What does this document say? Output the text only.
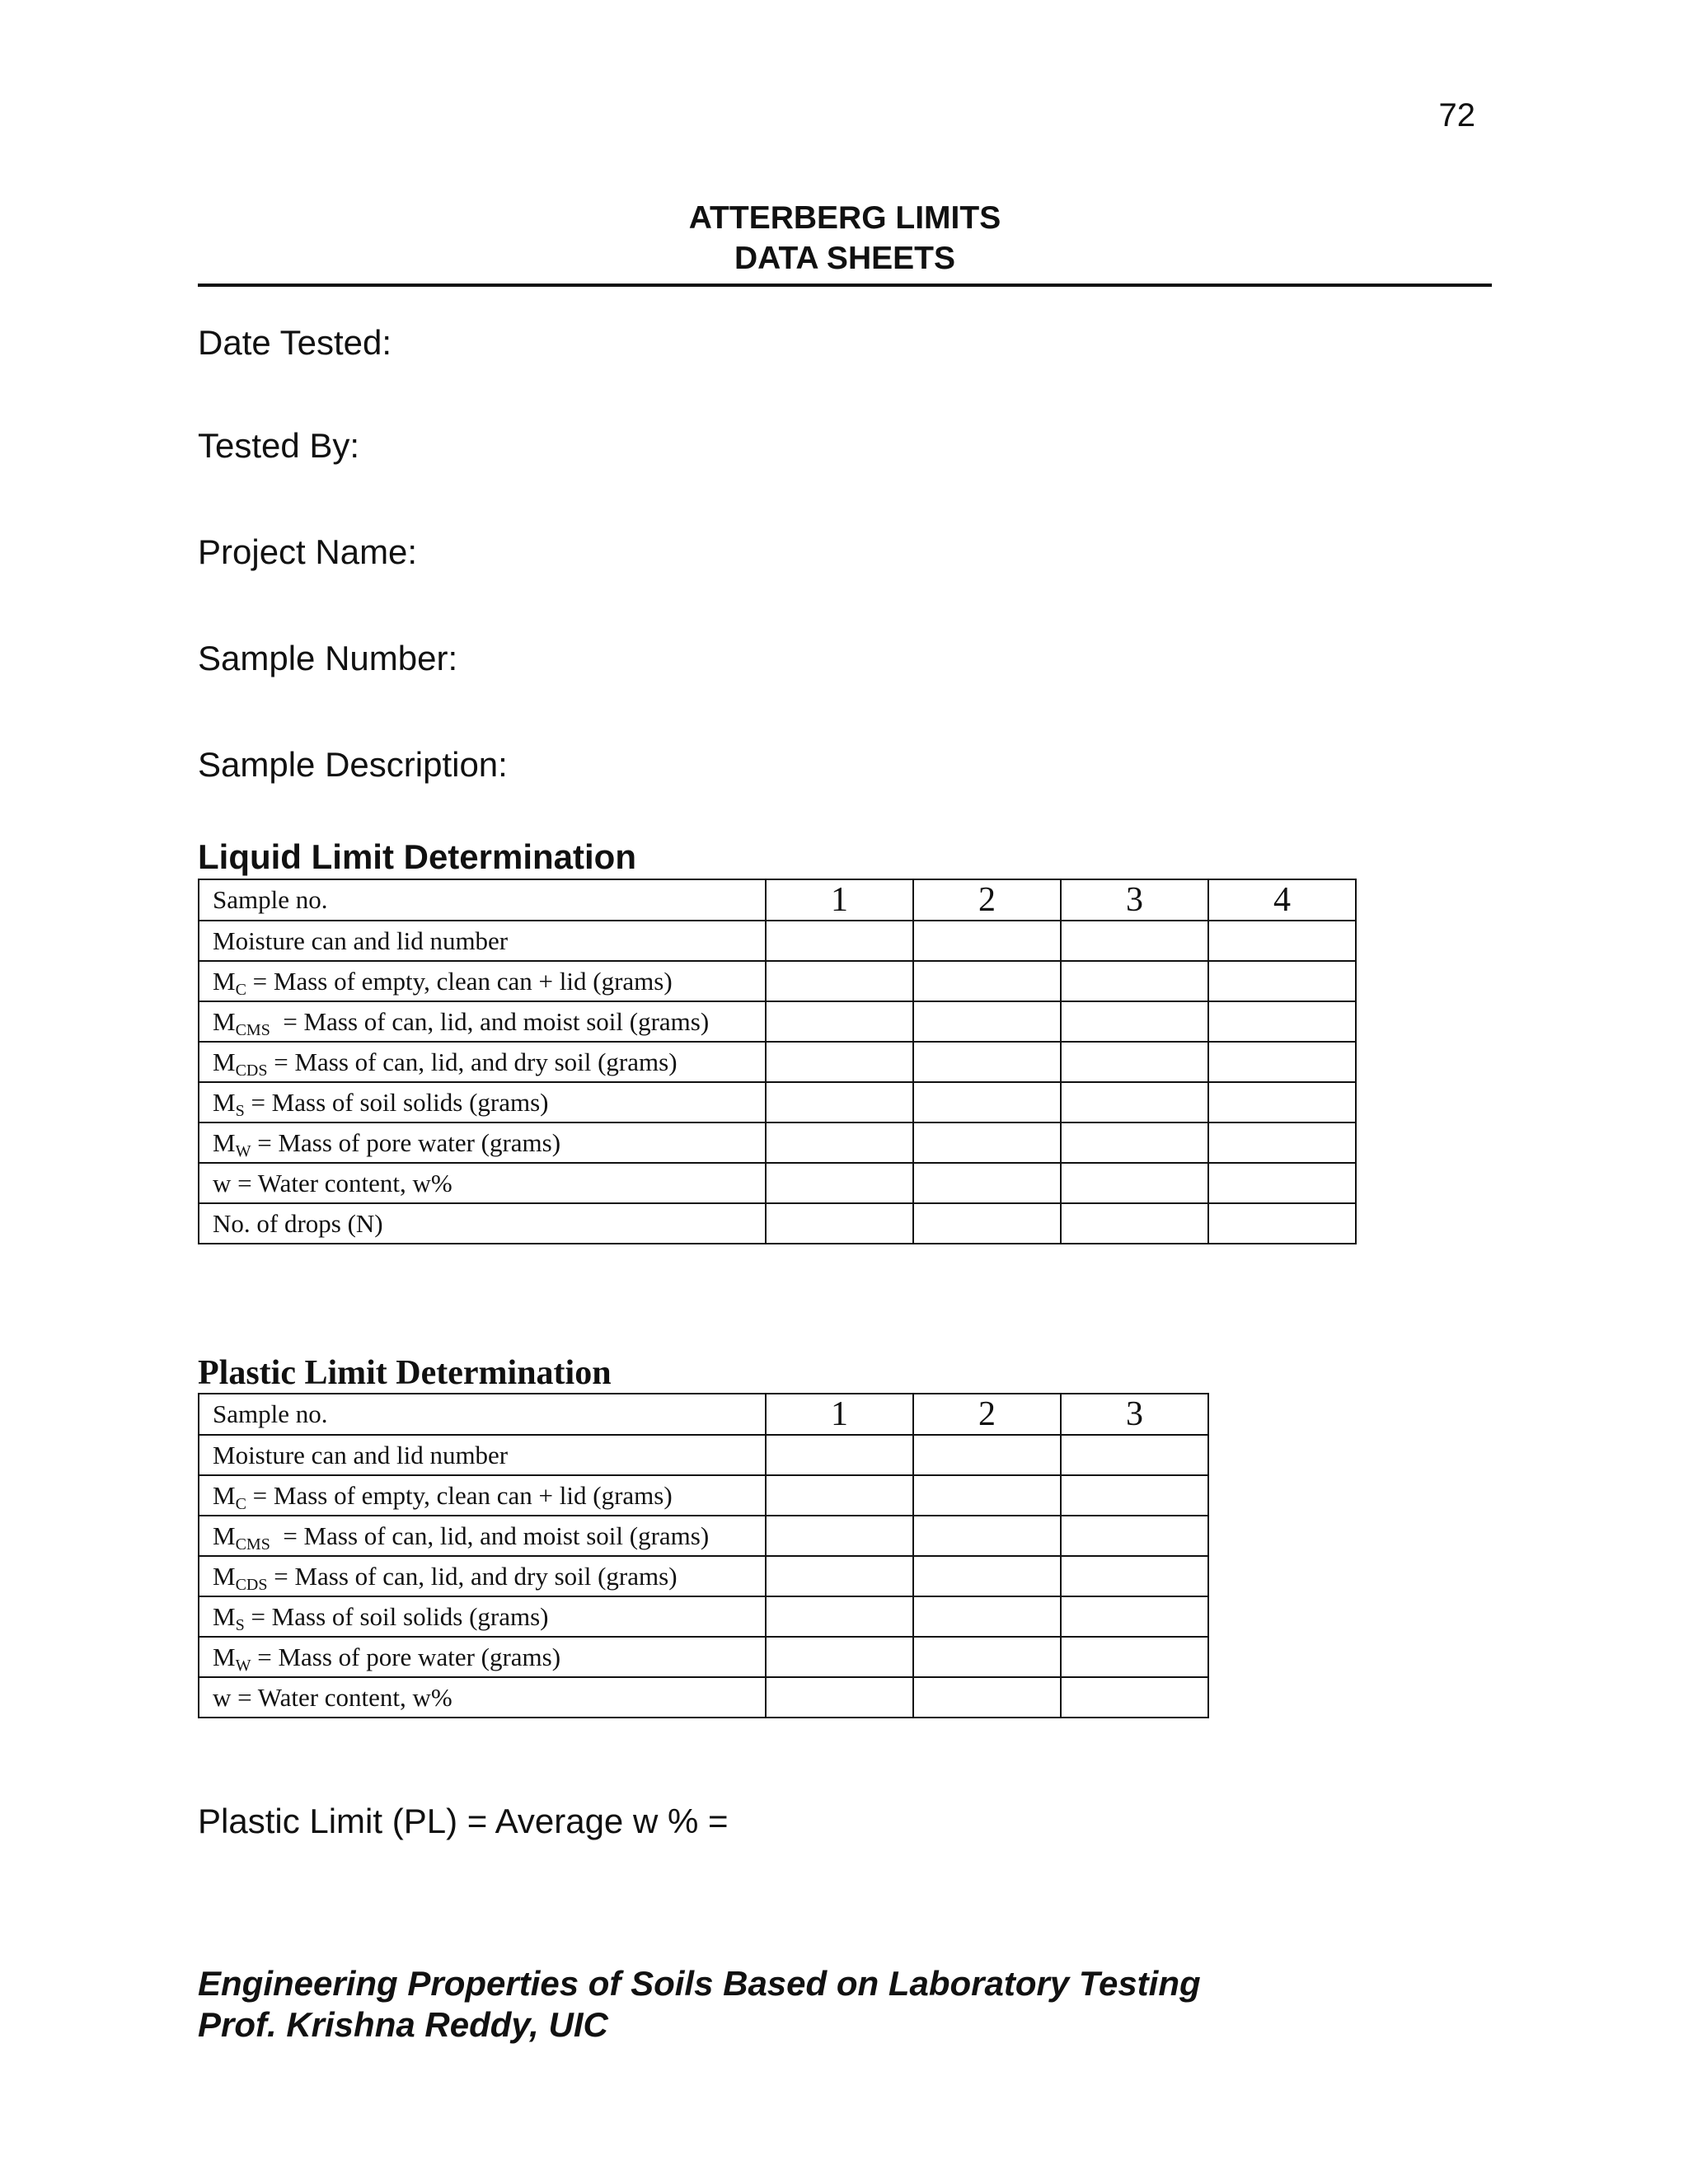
72
ATTERBERG LIMITS
DATA SHEETS
Date Tested:
Tested By:
Project Name:
Sample Number:
Sample Description:
Liquid Limit Determination
Sample no.	1	2	3	4
Moisture can and lid number				
$M_C$ = Mass of empty, clean can + lid (grams)				
$M_{CMS}$  = Mass of can, lid, and moist soil (grams)				
$M_{CDS}$ = Mass of can, lid, and dry soil (grams)				
$M_S$ = Mass of soil solids (grams)				
$M_W$ = Mass of pore water (grams)				
w = Water content, w%				
No. of drops (N)				
Plastic Limit Determination
Sample no.	1	2	3
Moisture can and lid number			
$M_C$ = Mass of empty, clean can + lid (grams)			
$M_{CMS}$  = Mass of can, lid, and moist soil (grams)			
$M_{CDS}$ = Mass of can, lid, and dry soil (grams)			
$M_S$ = Mass of soil solids (grams)			
$M_W$ = Mass of pore water (grams)			
w = Water content, w%			
Plastic Limit (PL) = Average w % =
Engineering Properties of Soils Based on Laboratory Testing
Prof. Krishna Reddy, UIC
